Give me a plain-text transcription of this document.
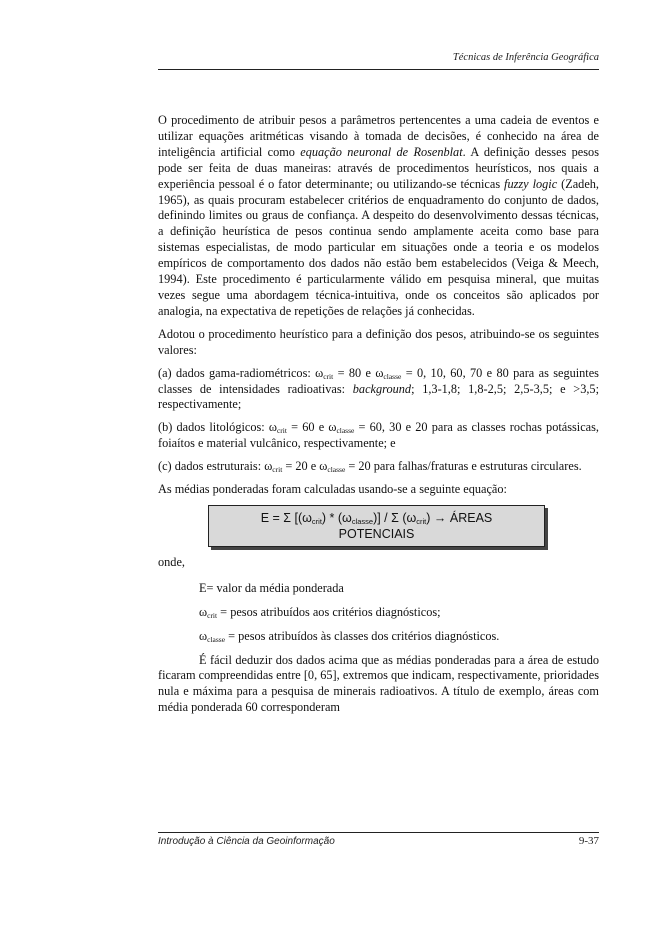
Técnicas de Inferência Geográfica

O procedimento de atribuir pesos a parâmetros pertencentes a uma cadeia de eventos e utilizar equações aritméticas visando à tomada de decisões, é conhecido na área de inteligência artificial como equação neuronal de Rosenblat. A definição desses pesos pode ser feita de duas maneiras: através de procedimentos heurísticos, nos quais a experiência pessoal é o fator determinante; ou utilizando-se técnicas fuzzy logic (Zadeh, 1965), as quais procuram estabelecer critérios de enquadramento do conjunto de dados, definindo limites ou graus de confiança. A despeito do desenvolvimento dessas técnicas, a definição heurística de pesos continua sendo amplamente aceita como base para sistemas especialistas, de modo particular em situações onde a teoria e os modelos empíricos de comportamento dos dados não estão bem estabelecidos (Veiga & Meech, 1994). Este procedimento é particularmente válido em pesquisa mineral, que muitas vezes segue uma abordagem técnica-intuitiva, onde os conceitos são aplicados por analogia, na expectativa de repetições de relações já conhecidas.

Adotou o procedimento heurístico para a definição dos pesos, atribuindo-se os seguintes valores:

(a) dados gama-radiométricos: $\omega_{crit} = 80$ e $\omega_{classe} = 0$, 10, 60, 70 e 80 para as seguintes classes de intensidades radioativas: background; 1,3-1,8; 1,8-2,5; 2,5-3,5; e >3,5; respectivamente;

(b) dados litológicos: $\omega_{crit} = 60$ e $\omega_{classe} = 60$, 30 e 20 para as classes rochas potássicas, foiaítos e material vulcânico, respectivamente; e

(c) dados estruturais: $\omega_{crit} = 20$ e $\omega_{classe} = 20$ para falhas/fraturas e estruturas circulares.

As médias ponderadas foram calculadas usando-se a seguinte equação:

E = Σ $[(\omega_{crit}) * (\omega_{classe})]$ / Σ $(\omega_{crit})$ → ÁREAS
POTENCIAIS

onde,

E= valor da média ponderada
$\omega_{crit}$ = pesos atribuídos aos critérios diagnósticos;
$\omega_{classe}$ = pesos atribuídos às classes dos critérios diagnósticos.

É fácil deduzir dos dados acima que as médias ponderadas para a área de estudo ficaram compreendidas entre [0, 65], extremos que indicam, respectivamente, prioridades nula e máxima para a pesquisa de minerais radioativos. A título de exemplo, áreas com média ponderada 60 corresponderam

Introdução à Ciência da Geoinformação	9-37
